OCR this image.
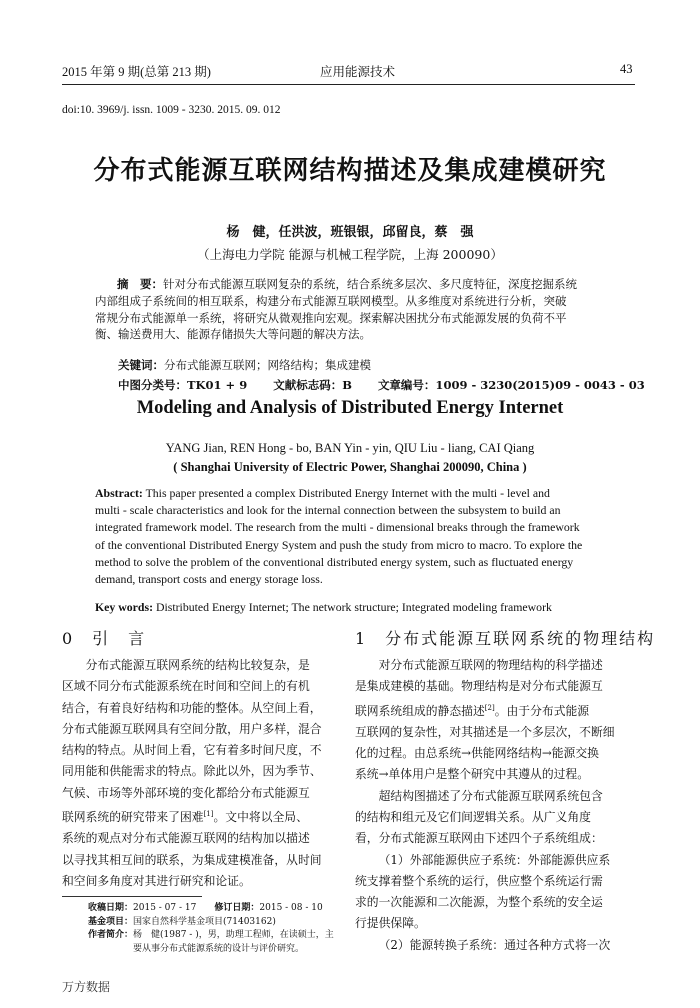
2015 年第 9 期(总第 213 期)	应用能源技术	43
doi:10. 3969/j. issn. 1009 - 3230. 2015. 09. 012
分布式能源互联网结构描述及集成建模研究
杨　健，任洪波，班银银，邱留良，蔡　强
（上海电力学院 能源与机械工程学院，上海 200090）
摘　要：针对分布式能源互联网复杂的系统，结合系统多层次、多尺度特征，深度挖掘系统
内部组成子系统间的相互联系，构建分布式能源互联网模型。从多维度对系统进行分析，突破
常规分布式能源单一系统，将研究从微观推向宏观。探索解决困扰分布式能源发展的负荷不平
衡、输送费用大、能源存储损失大等问题的解决方法。
关键词：分布式能源互联网；网络结构；集成建模
中图分类号：TK01 + 9 文献标志码：B 文章编号：1009 - 3230(2015)09 - 0043 - 03
Modeling and Analysis of Distributed Energy Internet
YANG Jian, REN Hong - bo, BAN Yin - yin, QIU Liu - liang, CAI Qiang
( Shanghai University of Electric Power, Shanghai 200090, China )
Abstract: This paper presented a complex Distributed Energy Internet with the multi - level and
multi - scale characteristics and look for the internal connection between the subsystem to build an
integrated framework model. The research from the multi - dimensional breaks through the framework
of the conventional Distributed Energy System and push the study from micro to macro. To explore the
method to solve the problem of the conventional distributed energy system, such as fluctuated energy
demand, transport costs and energy storage loss.
Key words: Distributed Energy Internet; The network structure; Integrated modeling framework
0　引　言

分布式能源互联网系统的结构比较复杂，是

区域不同分布式能源系统在时间和空间上的有机

结合，有着良好结构和功能的整体。从空间上看，

分布式能源互联网具有空间分散，用户多样，混合

结构的特点。从时间上看，它有着多时间尺度，不

同用能和供能需求的特点。除此以外，因为季节、

气候、市场等外部环境的变化都给分布式能源互

联网系统的研究带来了困难[1]。文中将以全局、

系统的观点对分布式能源互联网的结构加以描述

以寻找其相互间的联系，为集成建模准备，从时间

和空间多角度对其进行研究和论证。

收稿日期：2015 - 07 - 17　　 修订日期：2015 - 08 - 10
基金项目：国家自然科学基金项目(71403162)
作者简介：杨　健(1987 - )，男，助理工程师，在读硕士，主
要从事分布式能源系统的设计与评价研究。
1　分布式能源互联网系统的物理结构

对分布式能源互联网的物理结构的科学描述

是集成建模的基础。物理结构是对分布式能源互

联网系统组成的静态描述[2]。由于分布式能源

互联网的复杂性，对其描述是一个多层次，不断细

化的过程。由总系统→供能网络结构→能源交换

系统→单体用户是整个研究中其遵从的过程。

超结构图描述了分布式能源互联网系统包含

的结构和组元及它们间逻辑关系。从广义角度

看，分布式能源互联网由下述四个子系统组成：

（1）外部能源供应子系统：外部能源供应系

统支撑着整个系统的运行，供应整个系统运行需

求的一次能源和二次能源，为整个系统的安全运

行提供保障。

（2）能源转换子系统：通过各种方式将一次

万方数据
